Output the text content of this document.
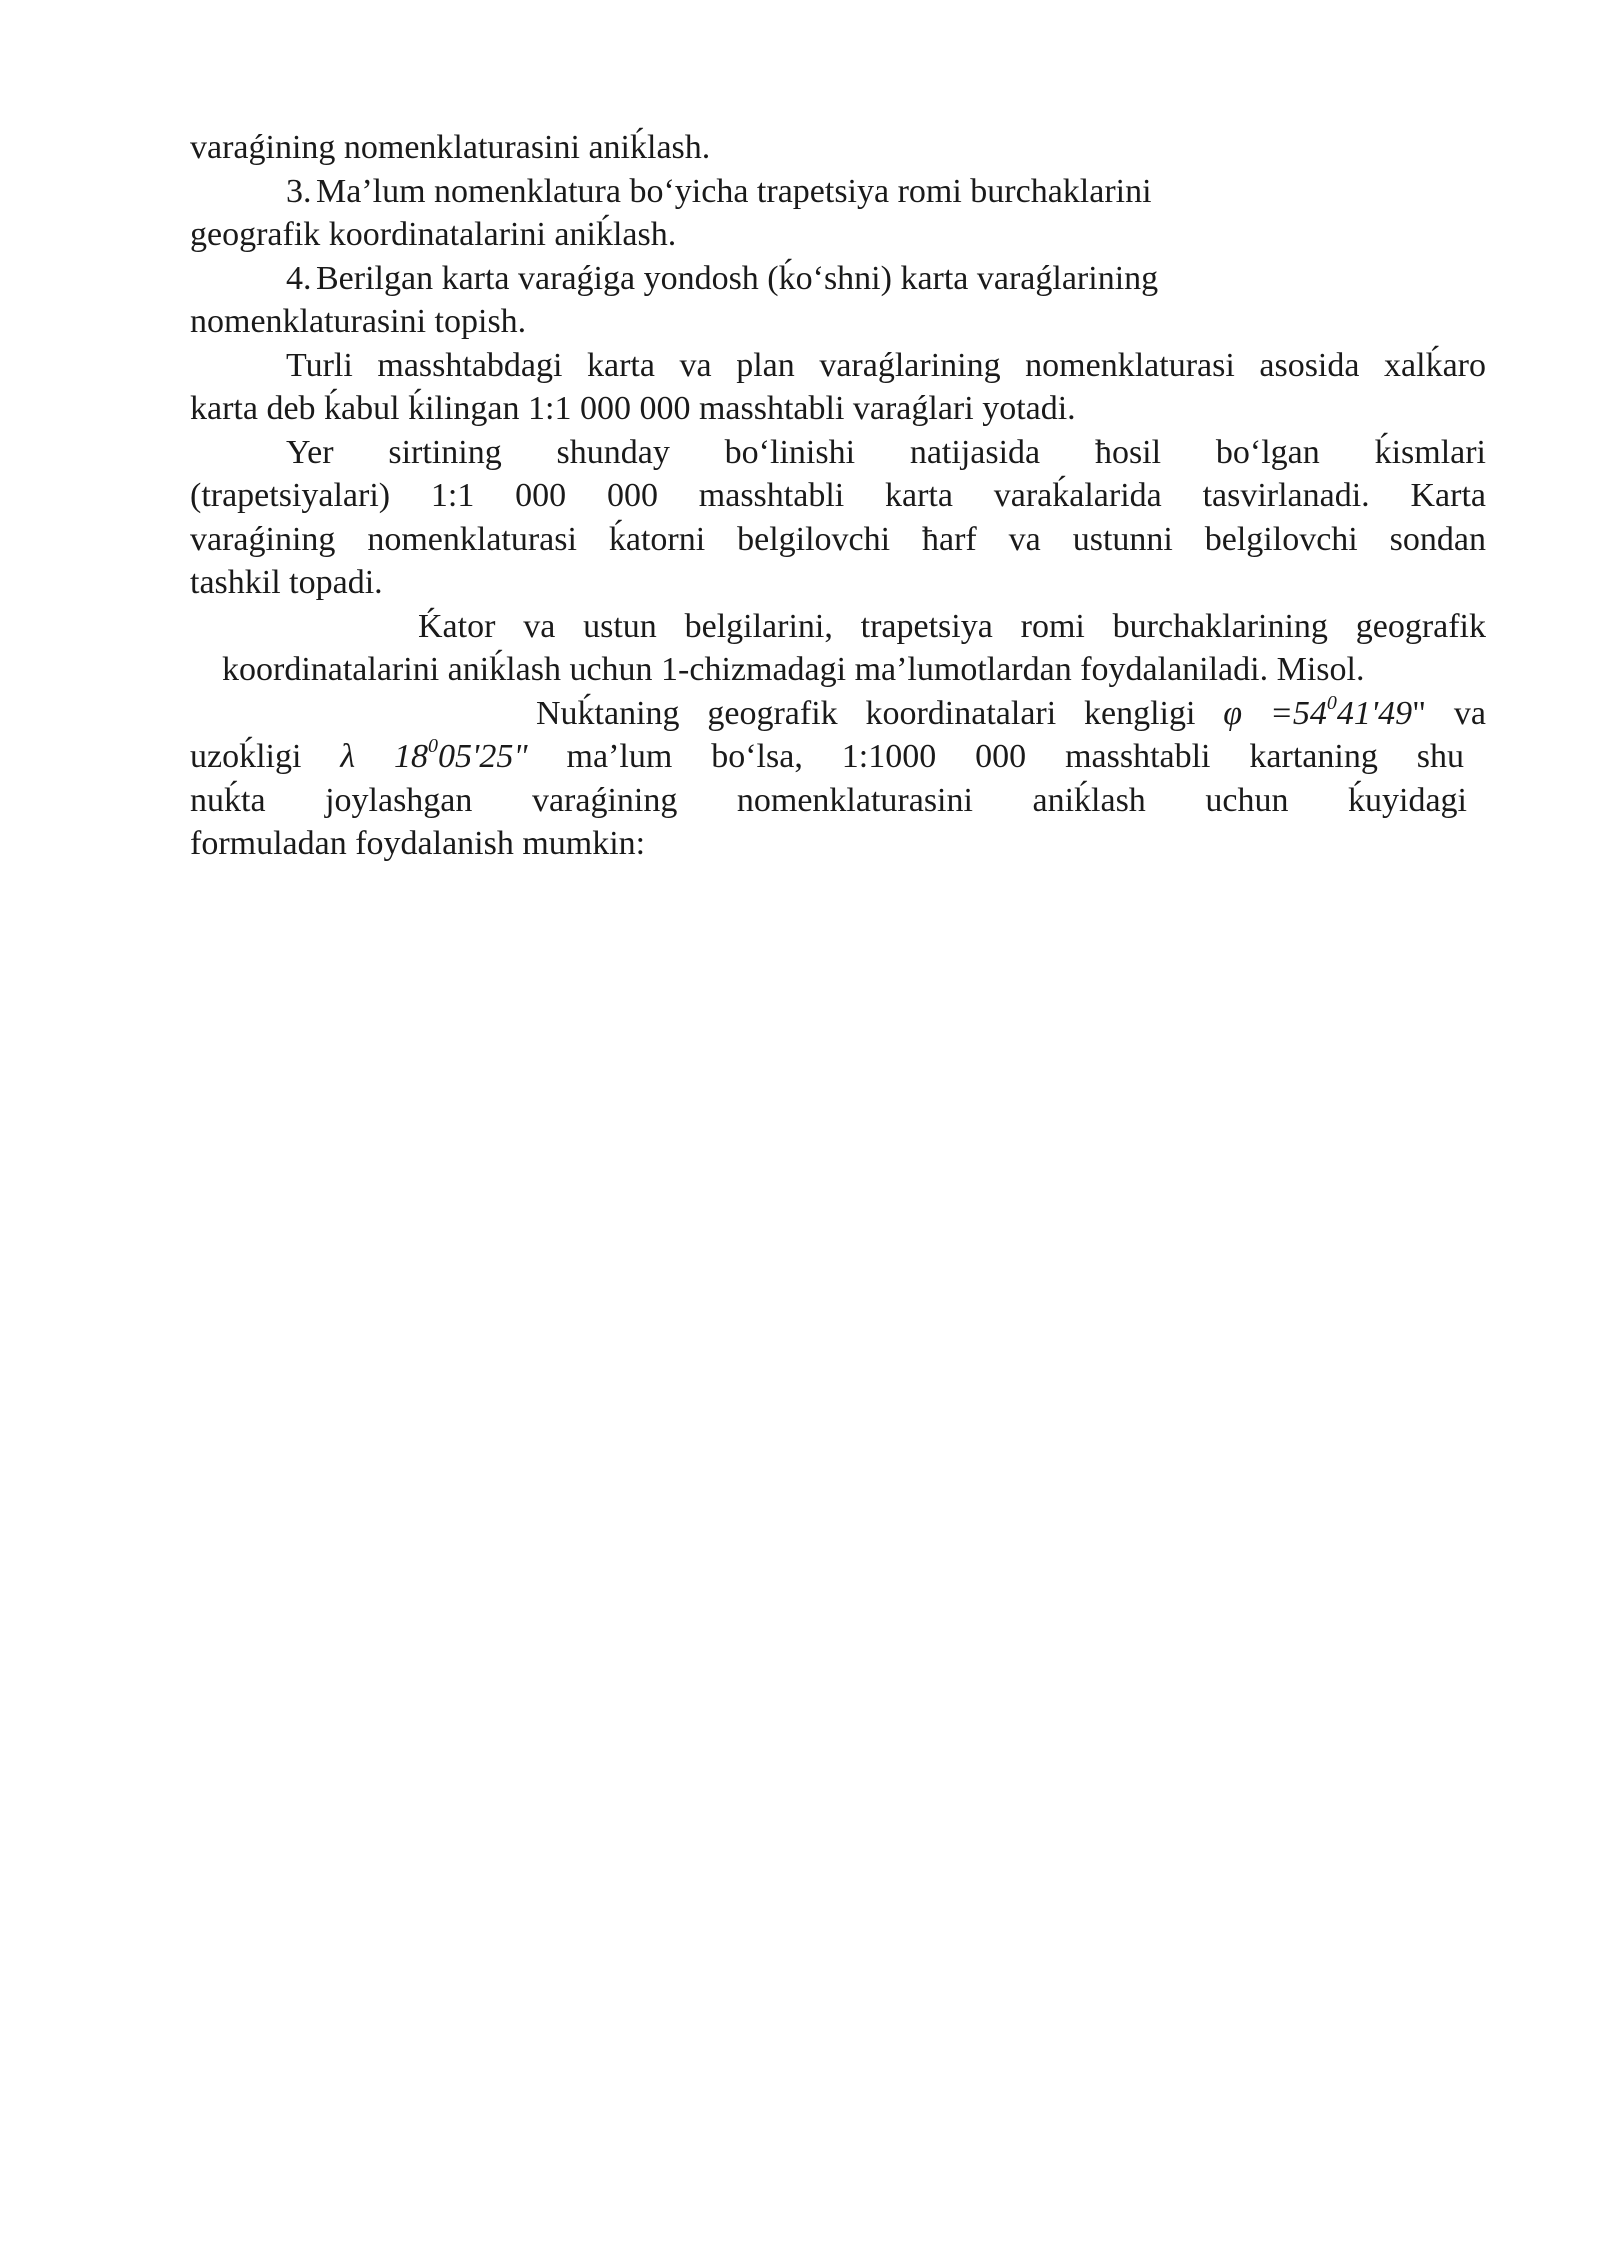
varaǵining nomenklaturasini aniḱlash.

3. Ma’lum nomenklatura bo‘yicha trapetsiya romi burchaklarini

geografik koordinatalarini aniḱlash.

4. Berilgan karta varaǵiga yondosh (ḱo‘shni) karta varaǵlarining

nomenklaturasini topish.

Turli masshtabdagi karta va plan varaǵlarining nomenklaturasi asosida xalḱaro

karta deb ḱabul ḱilingan 1:1 000 000 masshtabli varaǵlari yotadi.

Yer sirtining shunday bo‘linishi natijasida ħosil bo‘lgan ḱismlari

(trapetsiyalari) 1:1 000 000 masshtabli karta varaḱalarida tasvirlanadi. Karta

varaǵining nomenklaturasi ḱatorni belgilovchi ħarf va ustunni belgilovchi sondan

tashkil topadi.

Ḱator va ustun belgilarini, trapetsiya romi burchaklarining geografik

koordinatalarini aniḱlash uchun 1-chizmadagi ma’lumotlardan foydalaniladi. Misol.

Nuḱtaning geografik koordinatalari kengligi $\varphi =54^041'49$" va

uzoḱligi λ $18^005'25$" ma’lum bo‘lsa, 1:1000 000 masshtabli kartaning shu

nuḱta joylashgan varaǵining nomenklaturasini aniḱlash uchun ḱuyidagi

formuladan foydalanish mumkin:
